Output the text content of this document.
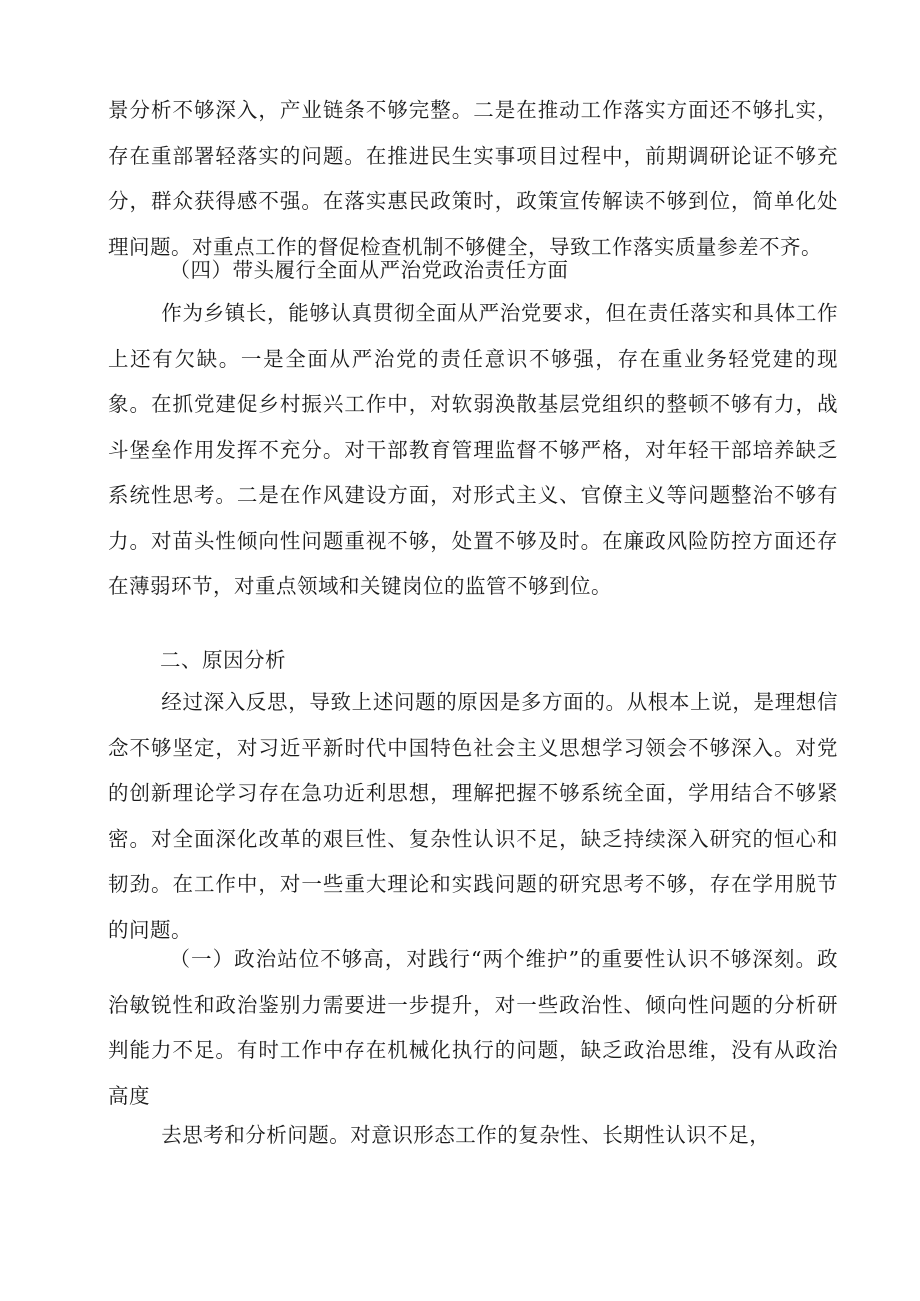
景分析不够深入，产业链条不够完整。二是在推动工作落实方面还不够扎实，存在重部署轻落实的问题。在推进民生实事项目过程中，前期调研论证不够充分，群众获得感不强。在落实惠民政策时，政策宣传解读不够到位，简单化处理问题。对重点工作的督促检查机制不够健全，导致工作落实质量参差不齐。

（四）带头履行全面从严治党政治责任方面

作为乡镇长，能够认真贯彻全面从严治党要求，但在责任落实和具体工作上还有欠缺。一是全面从严治党的责任意识不够强，存在重业务轻党建的现象。在抓党建促乡村振兴工作中，对软弱涣散基层党组织的整顿不够有力，战斗堡垒作用发挥不充分。对干部教育管理监督不够严格，对年轻干部培养缺乏系统性思考。二是在作风建设方面，对形式主义、官僚主义等问题整治不够有力。对苗头性倾向性问题重视不够，处置不够及时。在廉政风险防控方面还存在薄弱环节，对重点领域和关键岗位的监管不够到位。

二、原因分析

经过深入反思，导致上述问题的原因是多方面的。从根本上说，是理想信念不够坚定，对习近平新时代中国特色社会主义思想学习领会不够深入。对党的创新理论学习存在急功近利思想，理解把握不够系统全面，学用结合不够紧密。对全面深化改革的艰巨性、复杂性认识不足，缺乏持续深入研究的恒心和韧劲。在工作中，对一些重大理论和实践问题的研究思考不够，存在学用脱节的问题。

（一）政治站位不够高，对践行“两个维护”的重要性认识不够深刻。政治敏锐性和政治鉴别力需要进一步提升，对一些政治性、倾向性问题的分析研判能力不足。有时工作中存在机械化执行的问题，缺乏政治思维，没有从政治高度

去思考和分析问题。对意识形态工作的复杂性、长期性认识不足，
